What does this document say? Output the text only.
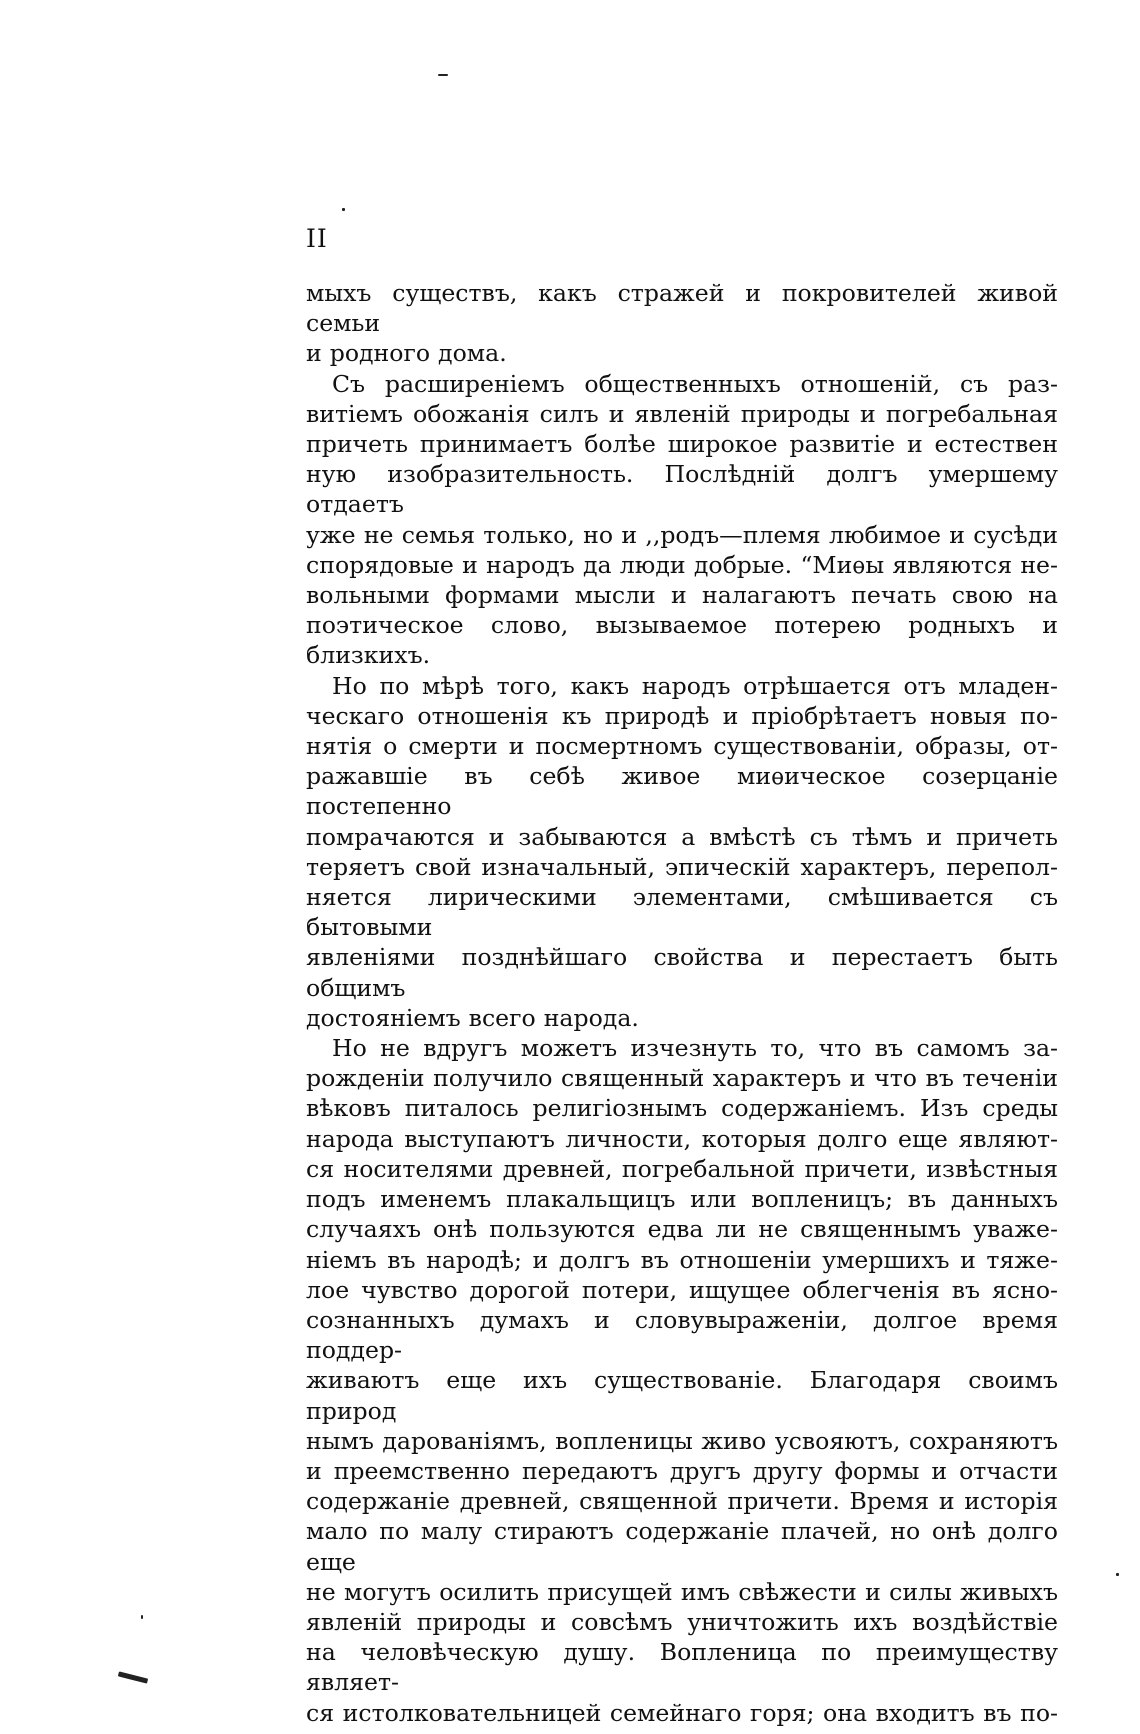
II

мыхъ существъ, какъ стражей и покровителей живой семьи

и родного дома.

Съ расширеніемъ общественныхъ отношеній, съ раз-

витіемъ обожанія силъ и явленій природы и погребальная

причеть принимаетъ болѣе широкое развитіе и естествен

ную изобразительность. Послѣдній долгъ умершему отдаетъ

уже не семья только, но и ,,родъ—племя любимое и сусѣди

спорядовые и народъ да люди добрые. “Миѳы являются не-

вольными формами мысли и налагаютъ печать свою на

поэтическое слово, вызываемое потерею родныхъ и близкихъ.

Но по мѣрѣ того, какъ народъ отрѣшается отъ младен-

ческаго отношенія къ природѣ и пріобрѣтаетъ новыя по-

нятія о смерти и посмертномъ существованіи, образы, от-

ражавшіе въ себѣ живое миѳическое созерцаніе постепенно

помрачаются и забываются а вмѣстѣ съ тѣмъ и причеть

теряетъ свой изначальный, эпическій характеръ, перепол-

няется лирическими элементами, смѣшивается съ бытовыми

явленіями позднѣйшаго свойства и перестаетъ быть общимъ

достояніемъ всего народа.

Но не вдругъ можетъ изчезнуть то, что въ самомъ за-

рожденіи получило священный характеръ и что въ теченіи

вѣковъ питалось религіознымъ содержаніемъ. Изъ среды

народа выступаютъ личности, которыя долго еще являют-

ся носителями древней, погребальной причети, извѣстныя

подъ именемъ плакальщицъ или вопленицъ; въ данныхъ

случаяхъ онѣ пользуются едва ли не священнымъ уваже-

ніемъ въ народѣ; и долгъ въ отношеніи умершихъ и тяже-

лое чувство дорогой потери, ищущее облегченія въ ясно-

сознанныхъ думахъ и словувыраженіи, долгое время поддер-

живаютъ еще ихъ существованіе. Благодаря своимъ природ

нымъ дарованіямъ, вопленицы живо усвояютъ, сохраняютъ

и преемственно передаютъ другъ другу формы и отчасти

содержаніе древней, священной причети. Время и исторія

мало по малу стираютъ содержаніе плачей, но онѣ долго еще

не могутъ осилить присущей имъ свѣжести и силы живыхъ

явленій природы и совсѣмъ уничтожить ихъ воздѣйствіе

на человѣческую душу. Вопленица по преимуществу являет-

ся истолковательницей семейнаго горя; она входитъ въ по-
